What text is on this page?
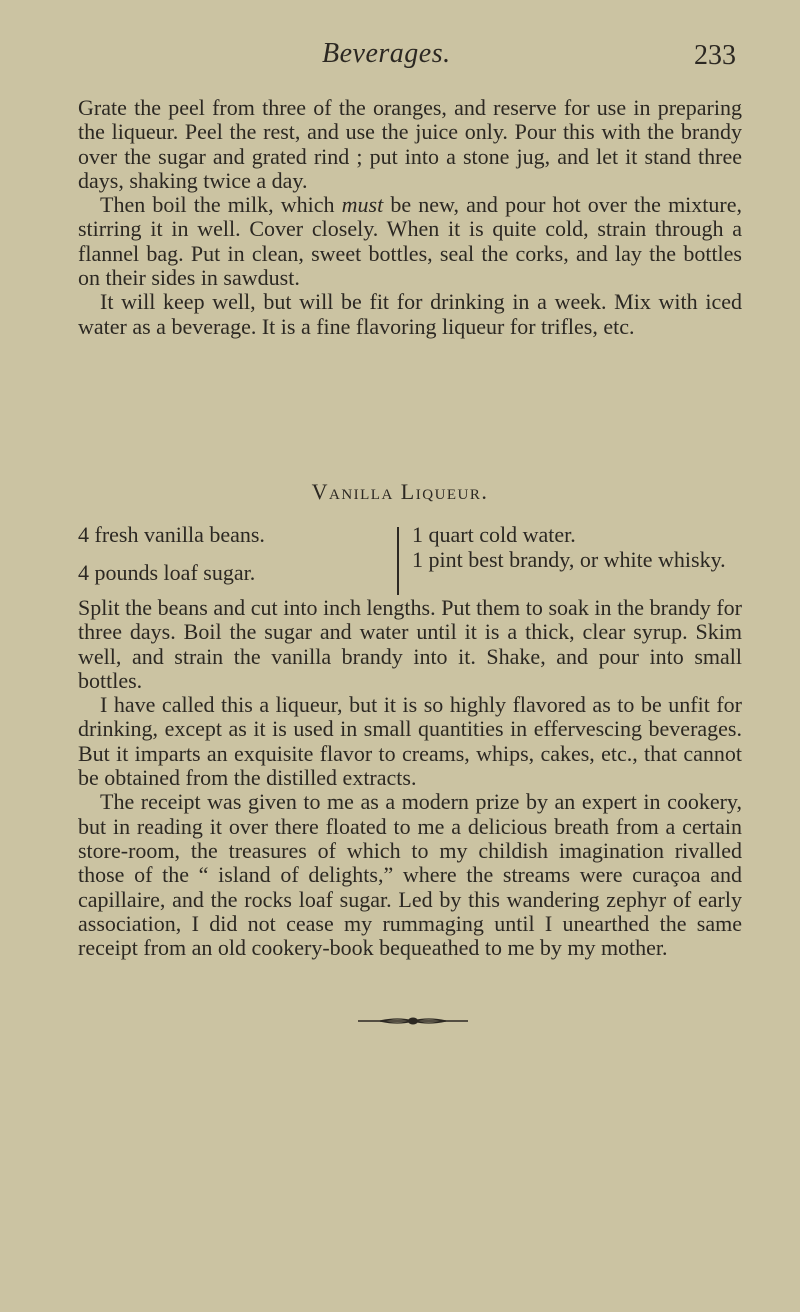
Beverages.	233

Grate the peel from three of the oranges, and reserve for use in preparing the liqueur. Peel the rest, and use the juice only. Pour this with the brandy over the sugar and grated rind ; put into a stone jug, and let it stand three days, shaking twice a day.

Then boil the milk, which must be new, and pour hot over the mixture, stirring it in well. Cover closely. When it is quite cold, strain through a flannel bag. Put in clean, sweet bottles, seal the corks, and lay the bottles on their sides in sawdust.

It will keep well, but will be fit for drinking in a week. Mix with iced water as a beverage. It is a fine flavoring liqueur for trifles, etc.

Vanilla Liqueur.
4 fresh vanilla beans.
4 pounds loaf sugar.
1 quart cold water.
1 pint best brandy, or white whisky.

Split the beans and cut into inch lengths. Put them to soak in the brandy for three days. Boil the sugar and water until it is a thick, clear syrup. Skim well, and strain the vanilla brandy into it. Shake, and pour into small bottles.

I have called this a liqueur, but it is so highly flavored as to be unfit for drinking, except as it is used in small quantities in effervescing beverages. But it imparts an exquisite flavor to creams, whips, cakes, etc., that cannot be obtained from the distilled extracts.

The receipt was given to me as a modern prize by an expert in cookery, but in reading it over there floated to me a delicious breath from a certain store-room, the treasures of which to my childish imagination rivalled those of the “ island of delights,” where the streams were curaçoa and capillaire, and the rocks loaf sugar. Led by this wandering zephyr of early association, I did not cease my rummaging until I unearthed the same receipt from an old cookery-book bequeathed to me by my mother.
